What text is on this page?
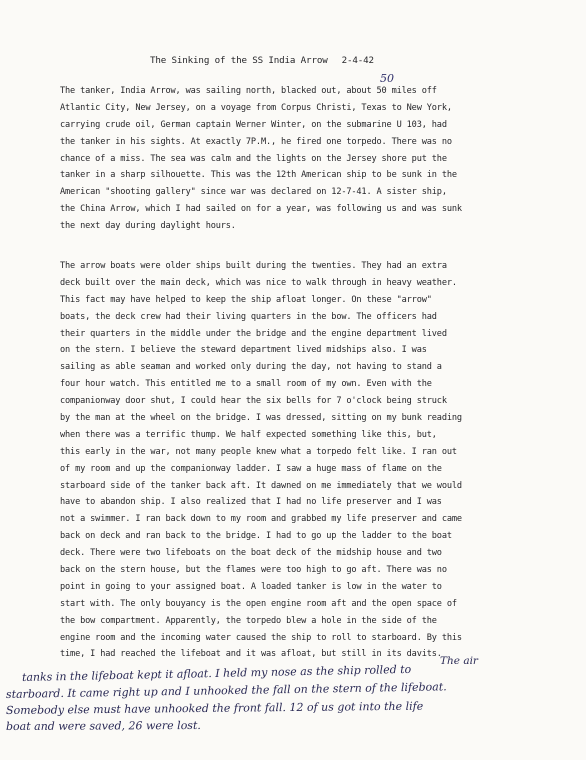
The Sinking of the SS India Arrow 2-4-42
50
The tanker, India Arrow, was sailing north, blacked out, about 50 miles off
Atlantic City, New Jersey, on a voyage from Corpus Christi, Texas to New York,
carrying crude oil, German captain Werner Winter, on the submarine U 103, had
the tanker in his sights. At exactly 7P.M., he fired one torpedo. There was no
chance of a miss. The sea was calm and the lights on the Jersey shore put the
tanker in a sharp silhouette. This was the 12th American ship to be sunk in the
American "shooting gallery" since war was declared on 12-7-41. A sister ship,
the China Arrow, which I had sailed on for a year, was following us and was sunk
the next day during daylight hours.
The arrow boats were older ships built during the twenties. They had an extra
deck built over the main deck, which was nice to walk through in heavy weather.
This fact may have helped to keep the ship afloat longer. On these "arrow"
boats, the deck crew had their living quarters in the bow. The officers had
their quarters in the middle under the bridge and the engine department lived
on the stern. I believe the steward department lived midships also. I was
sailing as able seaman and worked only during the day, not having to stand a
four hour watch. This entitled me to a small room of my own. Even with the
companionway door shut, I could hear the six bells for 7 o'clock being struck
by the man at the wheel on the bridge. I was dressed, sitting on my bunk reading
when there was a terrific thump. We half expected something like this, but,
this early in the war, not many people knew what a torpedo felt like. I ran out
of my room and up the companionway ladder. I saw a huge mass of flame on the
starboard side of the tanker back aft. It dawned on me immediately that we would
have to abandon ship. I also realized that I had no life preserver and I was
not a swimmer. I ran back down to my room and grabbed my life preserver and came
back on deck and ran back to the bridge. I had to go up the ladder to the boat
deck. There were two lifeboats on the boat deck of the midship house and two
back on the stern house, but the flames were too high to go aft. There was no
point in going to your assigned boat. A loaded tanker is low in the water to
start with. The only bouyancy is the open engine room aft and the open space of
the bow compartment. Apparently, the torpedo blew a hole in the side of the
engine room and the incoming water caused the ship to roll to starboard. By this
time, I had reached the lifeboat and it was afloat, but still in its davits.
The air
tanks in the lifeboat kept it afloat. I held my nose as the ship rolled to
starboard. It came right up and I unhooked the fall on the stern of the lifeboat.
Somebody else must have unhooked the front fall. 12 of us got into the life
boat and were saved, 26 were lost.
